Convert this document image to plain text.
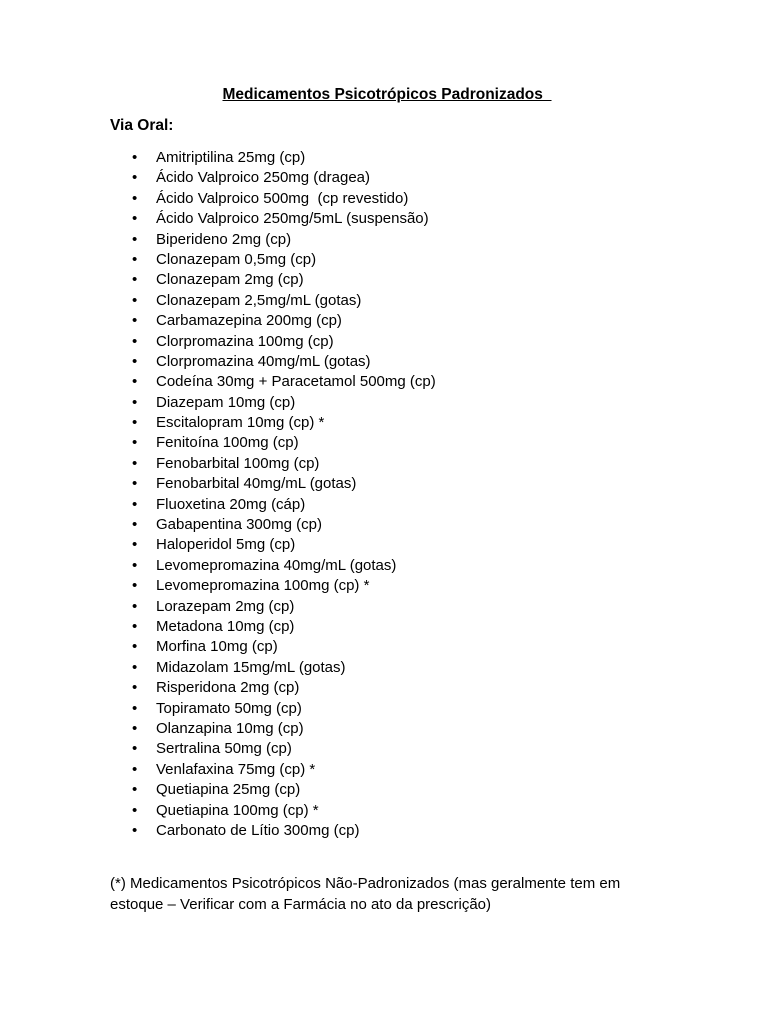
Medicamentos Psicotrópicos Padronizados
Via Oral:
• Amitriptilina 25mg (cp)
• Ácido Valproico 250mg (dragea)
• Ácido Valproico 500mg  (cp revestido)
• Ácido Valproico 250mg/5mL (suspensão)
• Biperideno 2mg (cp)
• Clonazepam 0,5mg (cp)
• Clonazepam 2mg (cp)
• Clonazepam 2,5mg/mL (gotas)
• Carbamazepina 200mg (cp)
• Clorpromazina 100mg (cp)
• Clorpromazina 40mg/mL (gotas)
• Codeína 30mg + Paracetamol 500mg (cp)
• Diazepam 10mg (cp)
• Escitalopram 10mg (cp) *
• Fenitoína 100mg (cp)
• Fenobarbital 100mg (cp)
• Fenobarbital 40mg/mL (gotas)
• Fluoxetina 20mg (cáp)
• Gabapentina 300mg (cp)
• Haloperidol 5mg (cp)
• Levomepromazina 40mg/mL (gotas)
• Levomepromazina 100mg (cp) *
• Lorazepam 2mg (cp)
• Metadona 10mg (cp)
• Morfina 10mg (cp)
• Midazolam 15mg/mL (gotas)
• Risperidona 2mg (cp)
• Topiramato 50mg (cp)
• Olanzapina 10mg (cp)
• Sertralina 50mg (cp)
• Venlafaxina 75mg (cp) *
• Quetiapina 25mg (cp)
• Quetiapina 100mg (cp) *
• Carbonato de Lítio 300mg (cp)
(*) Medicamentos Psicotrópicos Não-Padronizados (mas geralmente tem em estoque – Verificar com a Farmácia no ato da prescrição)
